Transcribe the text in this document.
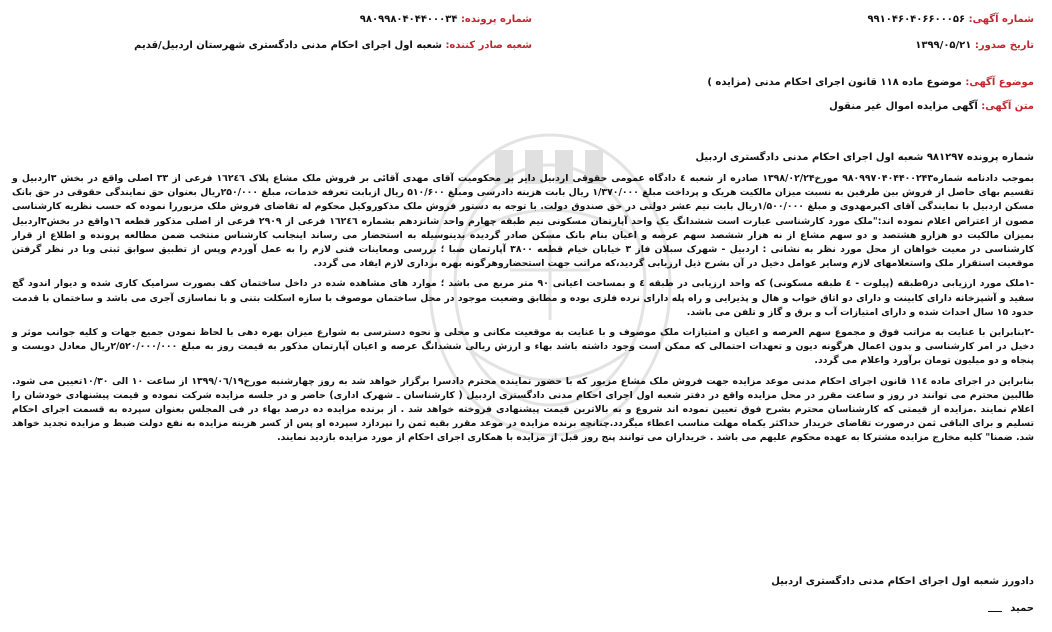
شماره آگهی: ۹۹۱۰۴۶۰۴۰۶۶۰۰۰۵۶
تاریخ صدور: ۱۳۹۹/۰۵/۲۱
شماره پرونده: ۹۸۰۹۹۸۰۴۰۴۴۰۰۰۳۴
شعبه صادر کننده: شعبه اول اجرای احکام مدنی دادگستری شهرستان اردبیل/قدیم
موضوع آگهی: موضوع ماده ۱۱۸ قانون اجرای احکام مدنی (مزایده )
متن آگهی: آگهی مزایده اموال غیر منقول
شماره پرونده ۹۸۱۲۹۷ شعبه اول اجرای احکام مدنی دادگستری اردبیل

بموجب دادنامه شماره۹۸۰۹۹۷۰۴۰۴۴۰۰۲۴۳ مورخ۱۳۹۸/۰۲/۲۴ صادره از شعبه ٤ دادگاه عمومی حقوقی اردبیل دایر بر محکومیت آقای مهدی آقائی بر فروش ملک مشاع پلاک ۱٦۲٤٦ فرعی از ۳۳ اصلی واقع در بخش ۳اردبیل و تقسیم بهای حاصل از فروش بین طرفین به نسبت میزان مالکیت هریک و پرداخت مبلغ ۱/۳۷۰/۰۰۰ ریال بابت هزینه دادرسی ومبلغ ۵۱۰/۶۰۰ ریال ازبابت تعرفه خدمات، مبلغ ۲۵۰/۰۰۰ریال بعنوان حق نمایندگی حقوقی در حق بانک مسکن اردبیل با نمایندگی آقای اکبرمهدوی و مبلغ ۱/۵۰۰/۰۰۰ریال بابت نیم عشر دولتی در حق صندوق دولت. با توجه به دستور فروش ملک مذکوروکیل محکوم له تقاضای فروش ملک مزبوررا نموده که حسب نظریه کارشناسی مصون از اعتراض اعلام نموده اند:"ملک مورد کارشناسی عبارت است ششدانگ یک واحد آپارتمان مسکونی نیم طبقه چهارم واحد شانزدهم بشماره ۱٦۲٤٦ فرعی از ۲۹۰۹ فرعی از اصلی مذکور قطعه ۱٦واقع در بخش۳اردبیل بمیزان مالکیت دو هزارو هشتصد و دو سهم مشاع از نه هزار ششصد سهم عرصه و اعیان بنام بانک مسکن صادر گردیده بدینوسیله به استحضار می رساند اینجانب کارشناس منتخب ضمن مطالعه پرونده و اطلاع از قرار کارشناسی در معیت خواهان از محل مورد نظر به نشانی : اردبیل - شهرک سبلان فاز ۳ خیابان خیام قطعه ۳۸۰۰ آپارتمان صبا ؛ بررسی ومعاینات فنی لازم را به عمل آوردم وپس از تطبیق سوابق ثبتی وبا در نظر گرفتن موقعیت استقرار ملک واستعلامهای لازم وسایر عوامل دخیل در آن بشرح ذیل ارزیابی گردید،که مراتب جهت استحضاروهرگونه بهره برداری لازم ایفاد می گردد.

-۱ملک مورد ارزیابی در۵طبقه (پیلوت - ٤ طبقه مسکونی) که واحد ارزیابی در طبقه ٤ و بمساحت اعیانی ۹۰ متر مربع می باشد ؛ موارد های مشاهده شده در داخل ساختمان کف بصورت سرامیک کاری شده و دیوار اندود گچ سفید و آشپزخانه دارای کابینت و دارای دو اتاق خواب و هال و پذیرایی و راه پله دارای نرده فلزی بوده و مطابق وضعیت موجود در محل ساختمان موصوف با سازه اسکلت بتنی و با نماسازی آجری می باشد و ساختمان با قدمت حدود ۱۵ سال احداث شده و دارای امتیازات آب و برق و گاز و تلفن می باشد.

-۲بنابراین با عنایت به مراتب فوق و مجموع سهم العرصه و اعیان و امتیازات ملک موصوف و با عنایت به موقعیت مکانی و محلی و نحوه دسترسی به شوارع میزان بهره دهی با لحاظ نمودن جمیع جهات و کلیه جوانب موثر و دخیل در امر کارشناسی و بدون اعمال هرگونه دیون و تعهدات احتمالی که ممکن است وجود داشته باشد بهاء و ارزش ریالی ششدانگ عرصه و اعیان آپارتمان مذکور به قیمت روز به مبلغ ۲/۵۲۰/۰۰۰/۰۰۰ریال معادل دویست و پنجاه و دو میلیون تومان برآورد واعلام می گردد.

بنابراین در اجرای ماده ۱۱٤ قانون اجرای احکام مدنی موعد مزایده جهت فروش ملک مشاع مزبور که با حضور نماینده محترم دادسرا برگزار خواهد شد به روز چهارشنبه مورخ۱۳۹۹/۰٦/۱۹ از ساعت ۱۰ الی ۱۰/۳۰تعیین می شود. طالبین محترم می توانند در روز و ساعت مقرر در محل مزایده واقع در دفتر شعبه اول اجرای احکام مدنی دادگستری اردبیل ( کارشناسان ـ شهرک اداری) حاضر و در جلسه مزایده شرکت نموده و قیمت پیشنهادی خودشان را اعلام نمایند .مزایده از قیمتی که کارشناسان محترم بشرح فوق تعیین نموده اند شروع و به بالاترین قیمت پیشنهادی فروخته خواهد شد . از برنده مزایده ده درصد بهاء در فی المجلس بعنوان سپرده به قسمت اجرای احکام تسلیم و برای الباقی ثمن درصورت تقاضای خریدار حداکثر یکماه مهلت مناسب اعطاء میگردد.چنانچه برنده مزایده در موعد مقرر بقیه ثمن را نپردازد سپرده او پس از کسر هزینه مزایده به نفع دولت ضبط و مزایده تجدید خواهد شد. ضمنا" کلیه مخارج مزایده مشترکا به عهده محکوم علیهم می باشد . خریداران می توانند پنج روز قبل از مزایده با همکاری اجرای احکام از مورد مزایده بازدید نمایند.

دادورز شعبه اول اجرای احکام مدنی دادگستری اردبیل
حمید
